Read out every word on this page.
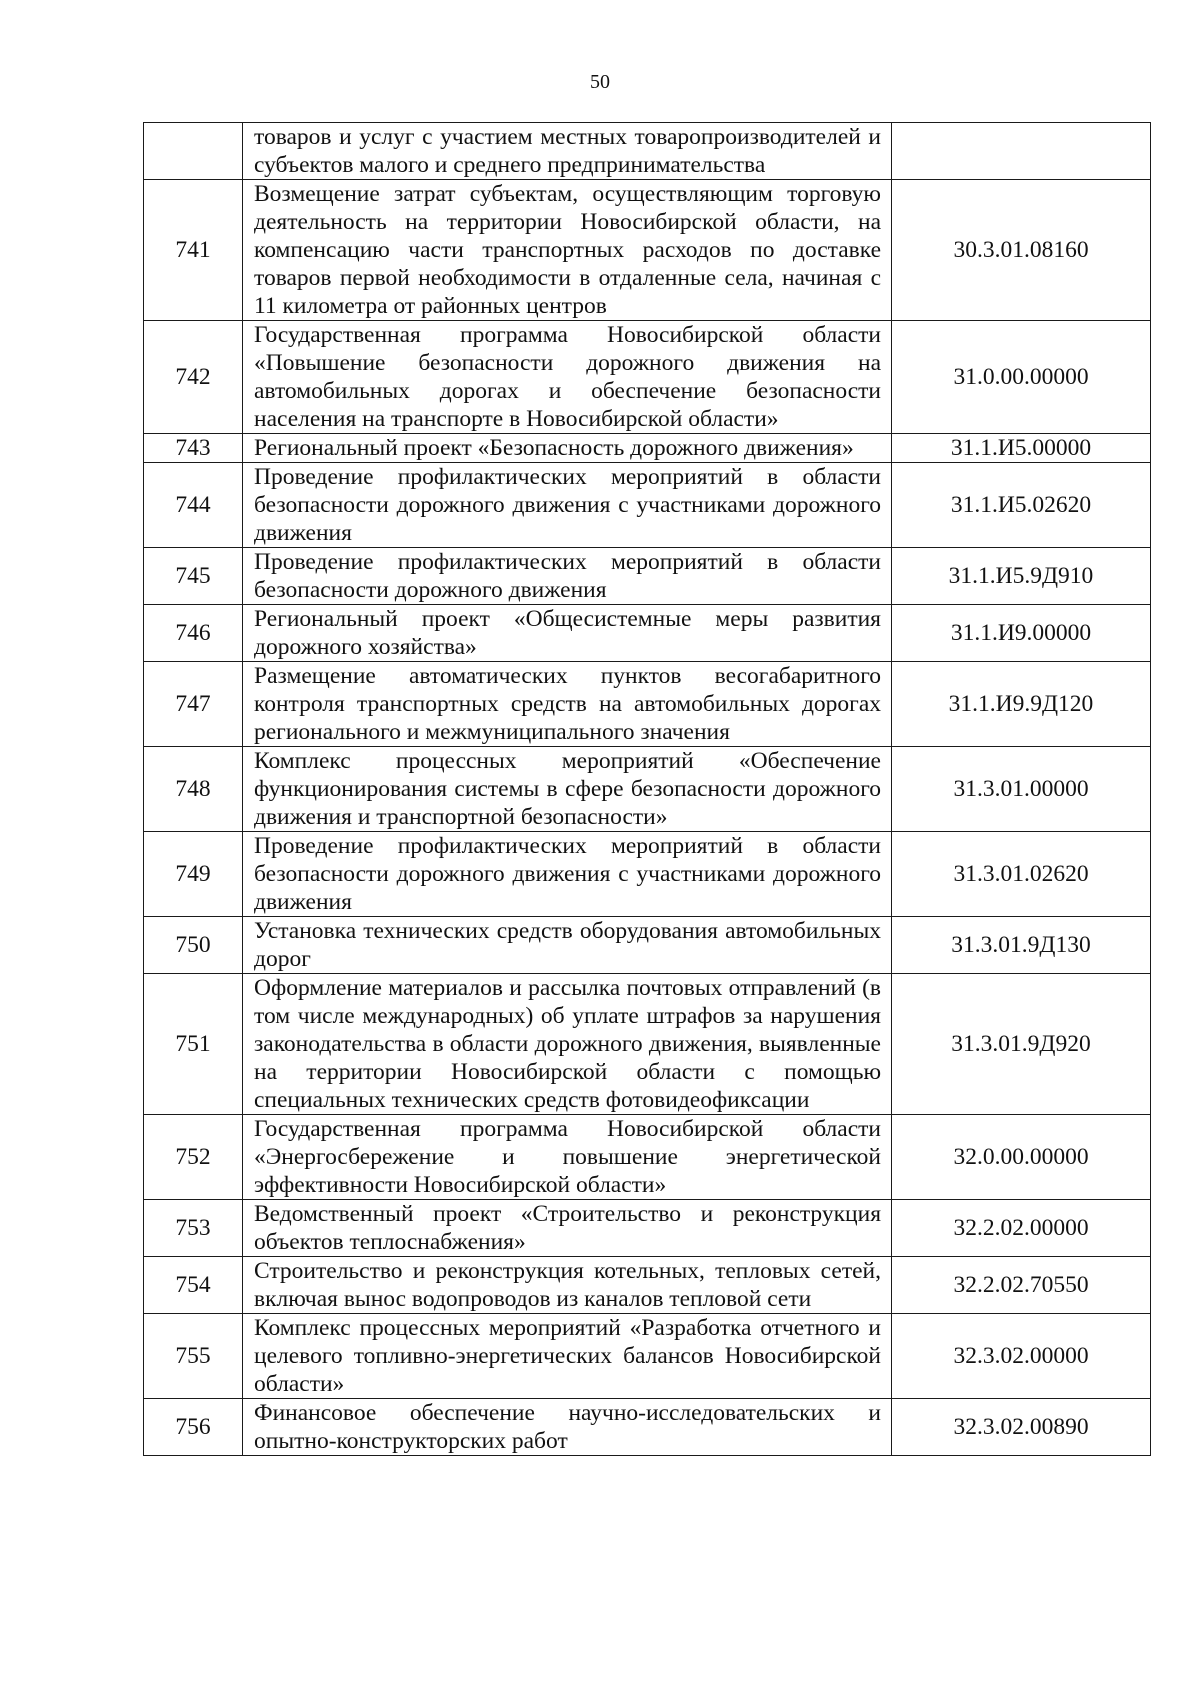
50
	товаров и услуг с участием местных товаропроизводителей и субъектов малого и среднего предпринимательства	
741	Возмещение затрат субъектам, осуществляющим торговую деятельность на территории Новосибирской области, на компенсацию части транспортных расходов по доставке товаров первой необходимости в отдаленные села, начиная с 11 километра от районных центров	30.3.01.08160
742	Государственная программа Новосибирской области «Повышение безопасности дорожного движения на автомобильных дорогах и обеспечение безопасности населения на транспорте в Новосибирской области»	31.0.00.00000
743	Региональный проект «Безопасность дорожного движения»	31.1.И5.00000
744	Проведение профилактических мероприятий в области безопасности дорожного движения с участниками дорожного движения	31.1.И5.02620
745	Проведение профилактических мероприятий в области безопасности дорожного движения	31.1.И5.9Д910
746	Региональный проект «Общесистемные меры развития дорожного хозяйства»	31.1.И9.00000
747	Размещение автоматических пунктов весогабаритного контроля транспортных средств на автомобильных дорогах регионального и межмуниципального значения	31.1.И9.9Д120
748	Комплекс процессных мероприятий «Обеспечение функционирования системы в сфере безопасности дорожного движения и транспортной безопасности»	31.3.01.00000
749	Проведение профилактических мероприятий в области безопасности дорожного движения с участниками дорожного движения	31.3.01.02620
750	Установка технических средств оборудования автомобильных дорог	31.3.01.9Д130
751	Оформление материалов и рассылка почтовых отправлений (в том числе международных) об уплате штрафов за нарушения законодательства в области дорожного движения, выявленные на территории Новосибирской области с помощью специальных технических средств фотовидеофиксации	31.3.01.9Д920
752	Государственная программа Новосибирской области «Энергосбережение и повышение энергетической эффективности Новосибирской области»	32.0.00.00000
753	Ведомственный проект «Строительство и реконструкция объектов теплоснабжения»	32.2.02.00000
754	Строительство и реконструкция котельных, тепловых сетей, включая вынос водопроводов из каналов тепловой сети	32.2.02.70550
755	Комплекс процессных мероприятий «Разработка отчетного и целевого топливно-энергетических балансов Новосибирской области»	32.3.02.00000
756	Финансовое обеспечение научно-исследовательских и опытно-конструкторских работ	32.3.02.00890
